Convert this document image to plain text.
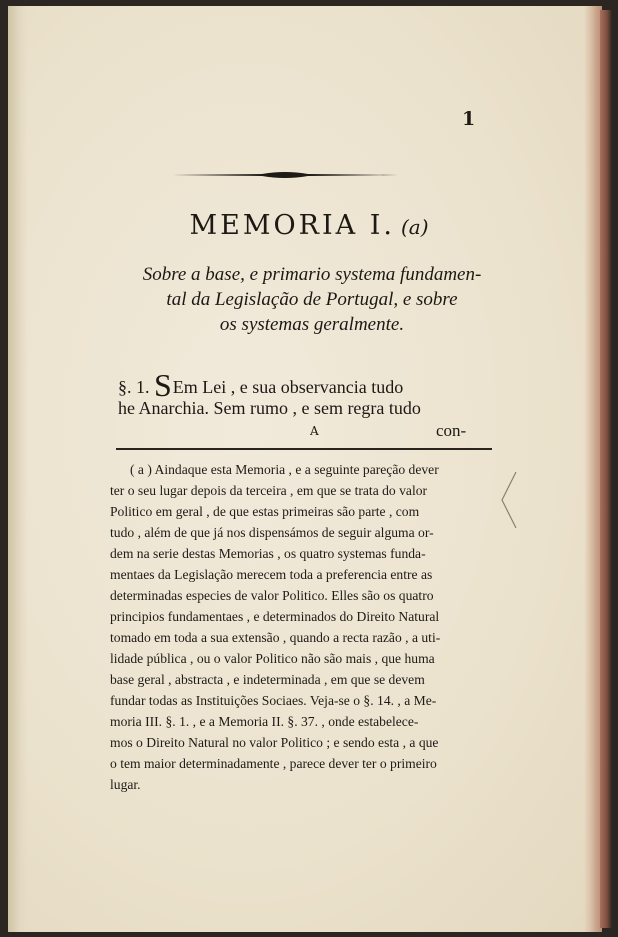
1
MEMORIA I. (a)
Sobre a base, e primario systema fundamen-
tal da Legislação de Portugal, e sobre
os systemas geralmente.
§. 1. SEm Lei , e sua observancia tudo
he Anarchia. Sem rumo , e sem regra tudo
A	con-
( a ) Aindaque esta Memoria , e a seguinte pareção dever
ter o seu lugar depois da terceira , em que se trata do valor
Politico em geral , de que estas primeiras são parte , com
tudo , além de que já nos dispensámos de seguir alguma or-
dem na serie destas Memorias , os quatro systemas funda-
mentaes da Legislação merecem toda a preferencia entre as
determinadas especies de valor Politico. Elles são os quatro
principios fundamentaes , e determinados do Direito Natural
tomado em toda a sua extensão , quando a recta razão , a uti-
lidade pública , ou o valor Politico não são mais , que huma
base geral , abstracta , e indeterminada , em que se devem
fundar todas as Instituições Sociaes. Veja-se o §. 14. , a Me-
moria III. §. 1. , e a Memoria II. §. 37. , onde estabelece-
mos o Direito Natural no valor Politico ; e sendo esta , a que
o tem maior determinadamente , parece dever ter o primeiro
lugar.
